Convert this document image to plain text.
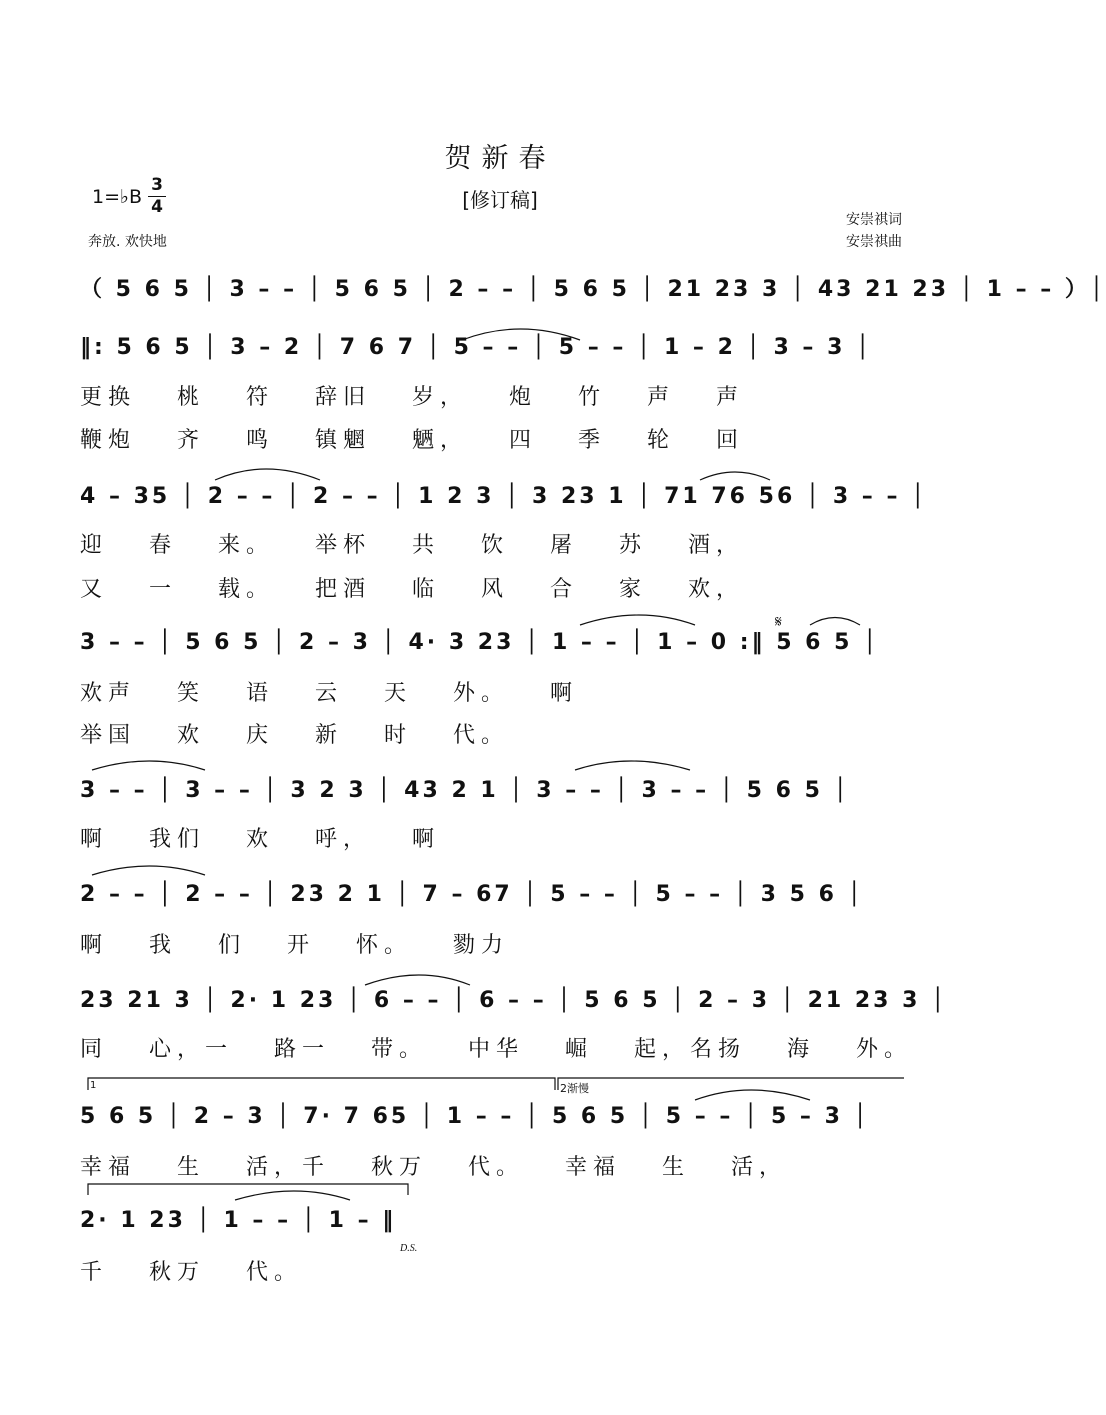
贺新春
[修订稿]
1=♭B
3
4
奔放. 欢快地
安崇祺词
安崇祺曲
（ 5 6 5 │ 3 – – │ 5 6 5 │ 2 – – │ 5 6 5 │ 21 23 3 │ 43 21 23 │ 1 – – ）│
‖: 5 6 5 │ 3 – 2 │ 7 6 7 │ 5 – – │ 5 – – │ 1 – 2 │ 3 – 3 │
4 – 35 │ 2 – – │ 2 – – │ 1 2 3 │ 3 23 1 │ 71 76 56 │ 3 – – │
3 – – │ 5 6 5 │ 2 – 3 │ 4· 3 23 │ 1 – – │ 1 – 0 :‖ 5 6 5 │
3 – – │ 3 – – │ 3 2 3 │ 43 2 1 │ 3 – – │ 3 – – │ 5 6 5 │
2 – – │ 2 – – │ 23 2 1 │ 7 – 67 │ 5 – – │ 5 – – │ 3 5 6 │
23 21 3 │ 2· 1 23 │ 6 – – │ 6 – – │ 5 6 5 │ 2 – 3 │ 21 23 3 │
5 6 5 │ 2 – 3 │ 7· 7 65 │ 1 – – │ 5 6 5 │ 5 – – │ 5 – 3 │
2· 1 23 │ 1 – – │ 1 – ‖
更换 桃 符 辞旧 岁， 炮 竹 声 声
鞭炮 齐 鸣 镇魍 魉， 四 季 轮 回
迎 春 来。 举杯 共 饮 屠 苏 酒，
又 一 载。 把酒 临 风 合 家 欢，
欢声 笑 语 云 天 外。 啊
举国 欢 庆 新 时 代。
啊 我们 欢 呼， 啊
啊 我 们 开 怀。 勠力
同 心，一 路一 带。 中华 崛 起，名扬 海 外。
幸福 生 活，千 秋万 代。 幸福 生 活，
千 秋万 代。
1	2渐慢
𝄋
D.S.
